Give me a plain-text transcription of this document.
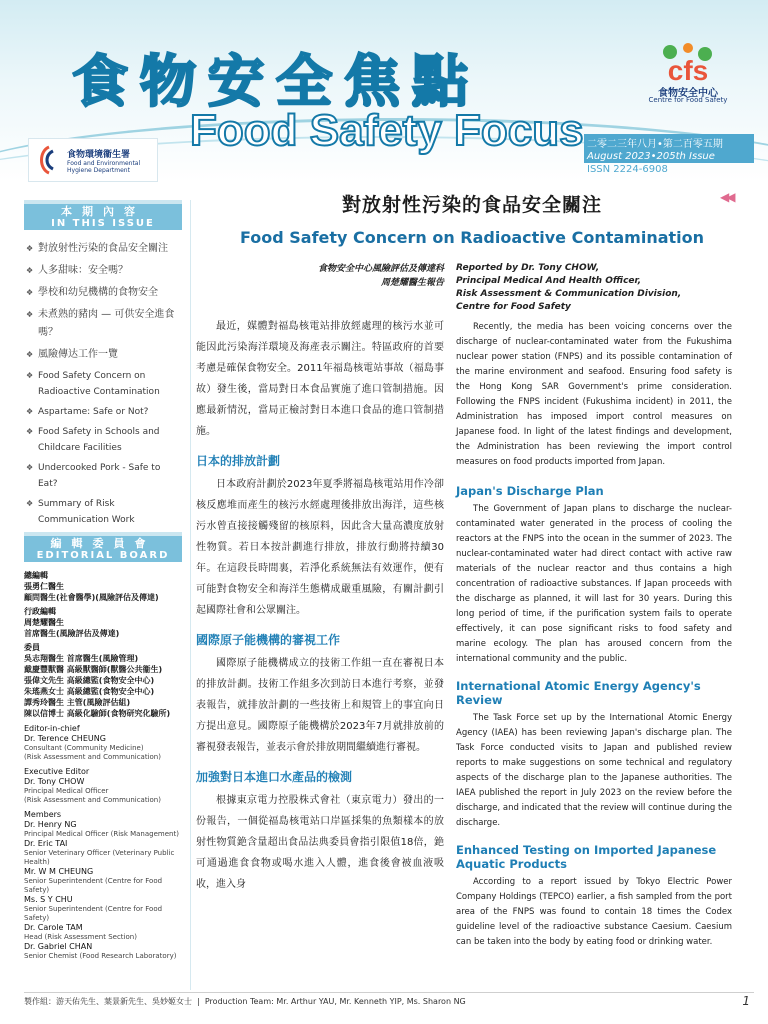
食物安全焦點
Food Safety Focus
cfs
食物安全中心
Centre for Food Safety
二零二三年八月•第二百零五期
August 2023•205th Issue
ISSN 2224-6908
食物環境衞生署
Food and Environmental Hygiene Department
本期內容
IN THIS ISSUE
❖ 對放射性污染的食品安全關注
❖ 人多甜味：安全嗎？
❖ 學校和幼兒機構的食物安全
❖ 未煮熟的豬肉 — 可供安全進食嗎？
❖ 風險傳达工作一覽
❖ Food Safety Concern on Radioactive Contamination
❖ Aspartame: Safe or Not?
❖ Food Safety in Schools and Childcare Facilities
❖ Undercooked Pork - Safe to Eat?
❖ Summary of Risk Communication Work
編輯委員會
EDITORIAL BOARD
總編輯
張勇仁醫生
顧問醫生(社會醫學)(風險評估及傳達)
行政編輯
周楚耀醫生
首席醫生(風險評估及傳達)
委員
吳志翔醫生 首席醫生(風險管理)
戴慶豐獸醫 高級獸醫師(獸醫公共衞生)
張偉文先生 高級總監(食物安全中心)
朱瑤燕女士 高級總監(食物安全中心)
譚秀玲醫生 主管(風險評估組)
陳以信博士 高級化驗師(食物研究化驗所)
Editor-in-chief
Dr. Terence CHEUNG
Consultant (Community Medicine)
(Risk Assessment and Communication)
Executive Editor
Dr. Tony CHOW
Principal Medical Officer
(Risk Assessment and Communication)
Members
Dr. Henry NG
Principal Medical Officer (Risk Management)
Dr. Eric TAI
Senior Veterinary Officer (Veterinary Public Health)
Mr. W M CHEUNG
Senior Superintendent (Centre for Food Safety)
Ms. S Y CHU
Senior Superintendent (Centre for Food Safety)
Dr. Carole TAM
Head (Risk Assessment Section)
Dr. Gabriel CHAN
Senior Chemist (Food Research Laboratory)
對放射性污染的食品安全關注	◀◀
Food Safety Concern on Radioactive Contamination
食物安全中心風險評估及傳達科
周楚耀醫生報告

最近，媒體對福島核電站排放經處理的核污水並可能因此污染海洋環境及海產表示關注。特區政府的首要考慮是確保食物安全。2011年福島核電站事故（福島事故）發生後，當局對日本食品實施了進口管制措施。因應最新情況，當局正檢討對日本進口食品的進口管制措施。

日本的排放計劃

日本政府計劃於2023年夏季將福島核電站用作冷卻核反應堆而產生的核污水經處理後排放出海洋，這些核污水曾直接接觸殘留的核原料，因此含大量高濃度放射性物質。若日本按計劃進行排放，排放行動將持續30年。在這段長時間裏，若淨化系統無法有效運作，便有可能對食物安全和海洋生態構成嚴重風險，有關計劃引起國際社會和公眾關注。

國際原子能機構的審視工作

國際原子能機構成立的技術工作組一直在審視日本的排放計劃。技術工作組多次到訪日本進行考察，並發表報告，就排放計劃的一些技術上和規管上的事宜向日方提出意見。國際原子能機構於2023年7月就排放前的審視發表報告，並表示會於排放期間繼續進行審視。

加強對日本進口水產品的檢測

根據東京電力控股株式會社（東京電力）發出的一份報告，一個從福島核電站口岸區採集的魚類樣本的放射性物質銫含量超出食品法典委員會指引限值18倍，銫可通過進食食物或喝水進入人體，進食後會被血液吸收，進入身

Reported by Dr. Tony CHOW,
Principal Medical And Health Officer,
Risk Assessment & Communication Division,
Centre for Food Safety

Recently, the media has been voicing concerns over the discharge of nuclear-contaminated water from the Fukushima nuclear power station (FNPS) and its possible contamination of the marine environment and seafood. Ensuring food safety is the Hong Kong SAR Government's prime consideration. Following the FNPS incident (Fukushima incident) in 2011, the Administration has imposed import control measures on Japanese food. In light of the latest findings and development, the Administration has been reviewing the import control measures on food products imported from Japan.

Japan's Discharge Plan

The Government of Japan plans to discharge the nuclear-contaminated water generated in the process of cooling the reactors at the FNPS into the ocean in the summer of 2023. The nuclear-contaminated water had direct contact with active raw materials of the nuclear reactor and thus contains a high concentration of radioactive substances. If Japan proceeds with the discharge as planned, it will last for 30 years. During this long period of time, if the purification system fails to operate effectively, it can pose significant risks to food safety and marine ecology. The plan has aroused concern from the international community and the public.

International Atomic Energy Agency's Review

The Task Force set up by the International Atomic Energy Agency (IAEA) has been reviewing Japan's discharge plan. The Task Force conducted visits to Japan and published review reports to make suggestions on some technical and regulatory aspects of the discharge plan to the Japanese authorities. The IAEA published the report in July 2023 on the review before the discharge, and indicated that the review will continue during the discharge.

Enhanced Testing on Imported Japanese Aquatic Products

According to a report issued by Tokyo Electric Power Company Holdings (TEPCO) earlier, a fish sampled from the port area of the FNPS was found to contain 18 times the Codex guideline level of the radioactive substance Caesium. Caesium can be taken into the body by eating food or drinking water.

製作組：游天佑先生、葉景新先生、吳妙姬女士  |  Production Team: Mr. Arthur YAU, Mr. Kenneth YIP, Ms. Sharon NG	1
